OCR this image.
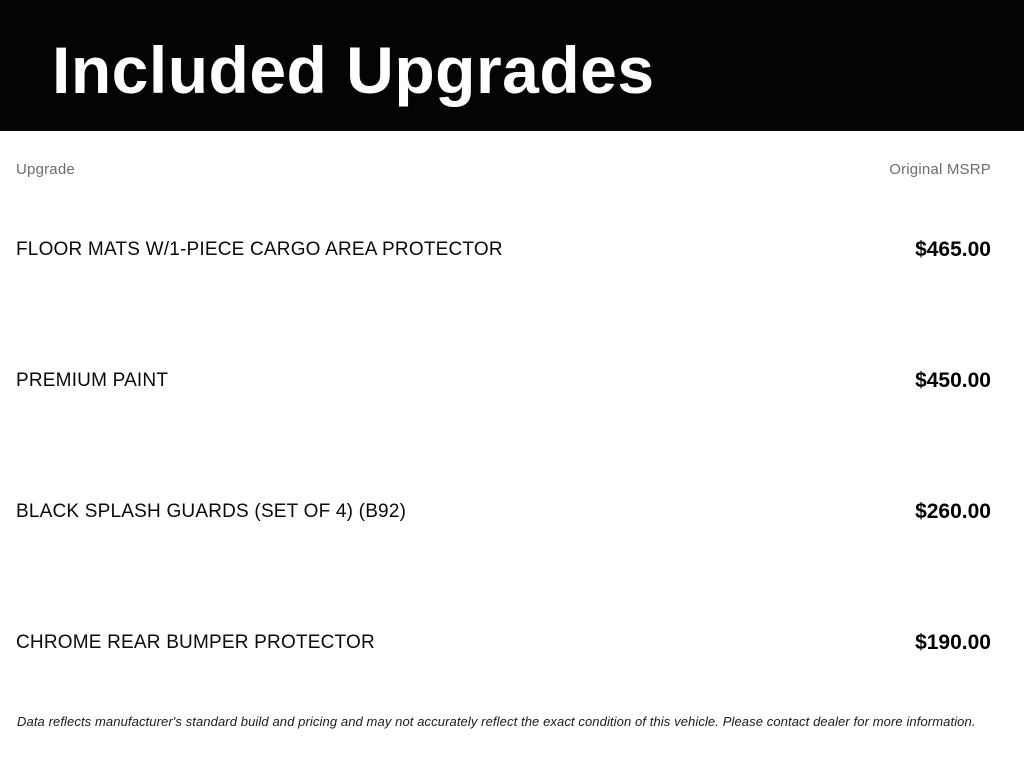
Included Upgrades
Upgrade	Original MSRP
FLOOR MATS W/1-PIECE CARGO AREA PROTECTOR	$465.00
PREMIUM PAINT	$450.00
BLACK SPLASH GUARDS (SET OF 4) (B92)	$260.00
CHROME REAR BUMPER PROTECTOR	$190.00

Data reflects manufacturer's standard build and pricing and may not accurately reflect the exact condition of this vehicle. Please contact dealer for more information.
